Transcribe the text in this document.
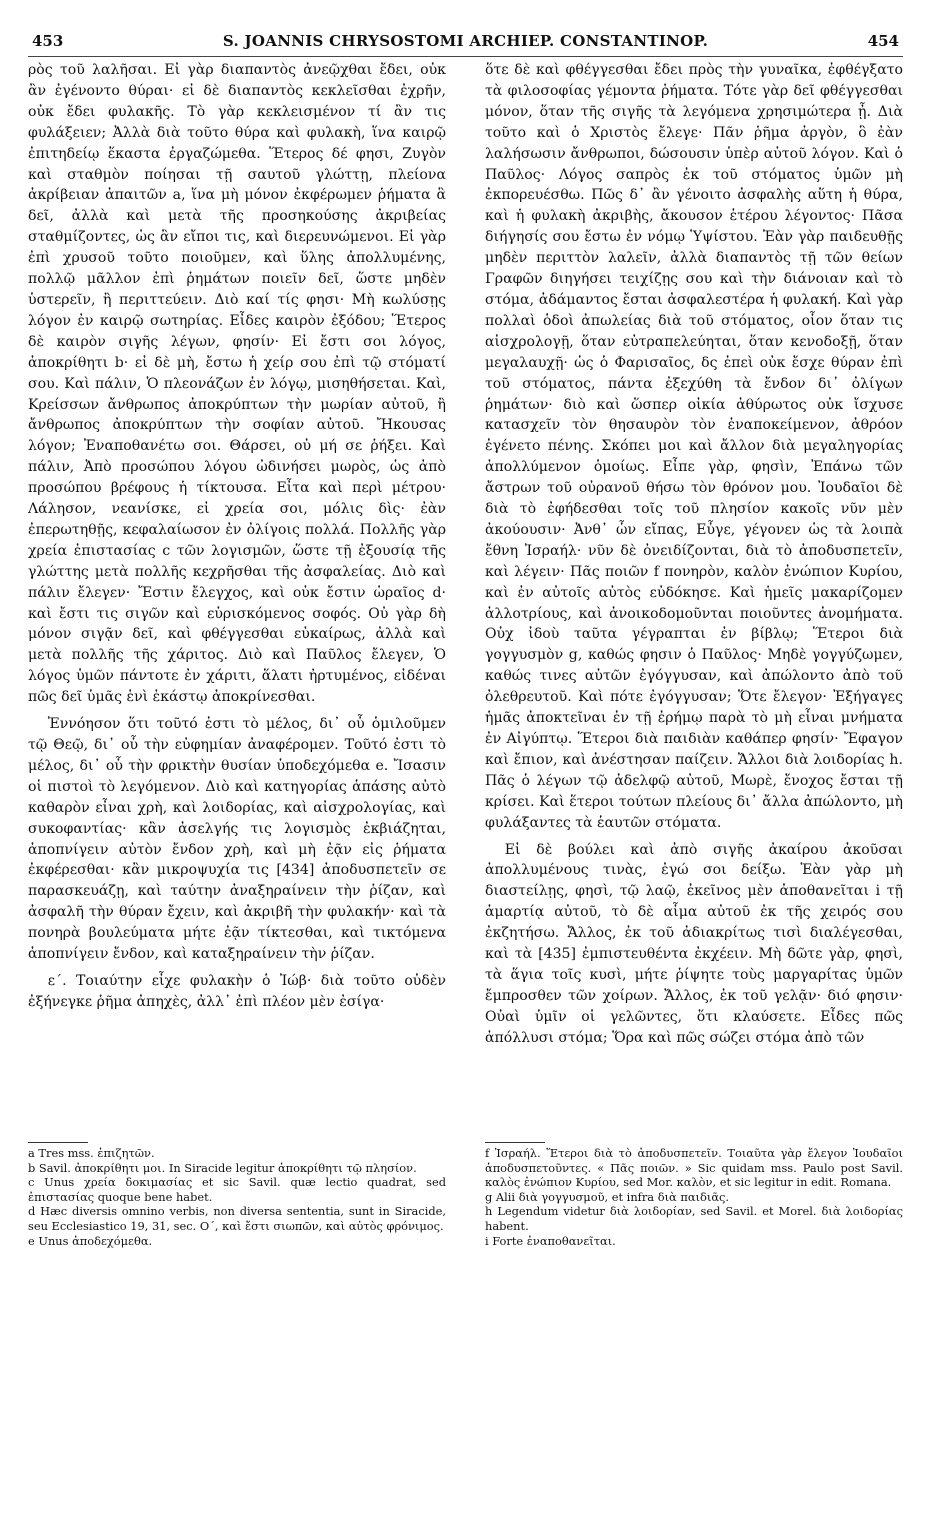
453	S. JOANNIS CHRYSOSTOMI ARCHIEP. CONSTANTINOP.	454

ρὸς τοῦ λαλῆσαι. Εἰ γὰρ διαπαντὸς ἀνεῷχθαι ἔδει, οὐκ ἂν ἐγένοντο θύραι· εἰ δὲ διαπαντὸς κεκλεῖσθαι ἐχρῆν, οὐκ ἔδει φυλακῆς. Τὸ γὰρ κεκλεισμένον τί ἂν τις φυλάξειεν; Ἀλλὰ διὰ τοῦτο θύρα καὶ φυλακὴ, ἵνα καιρῷ ἐπιτηδείῳ ἕκαστα ἐργαζώμεθα. Ἕτερος δέ φησι, Ζυγὸν καὶ σταθμὸν ποίησαι τῇ σαυτοῦ γλώττῃ, πλείονα ἀκρίβειαν ἀπαιτῶν a, ἵνα μὴ μόνον ἐκφέρωμεν ῥήματα ἃ δεῖ, ἀλλὰ καὶ μετὰ τῆς προσηκούσης ἀκριβείας σταθμίζοντες, ὡς ἂν εἴποι τις, καὶ διερευνώμενοι. Εἰ γὰρ ἐπὶ χρυσοῦ τοῦτο ποιοῦμεν, καὶ ὕλης ἀπολλυμένης, πολλῷ μᾶλλον ἐπὶ ῥημάτων ποιεῖν δεῖ, ὥστε μηδὲν ὑστερεῖν, ἢ περιττεύειν. Διὸ καί τίς φησι· Μὴ κωλύσῃς λόγον ἐν καιρῷ σωτηρίας. Εἶδες καιρὸν ἐξόδου; Ἕτερος δὲ καιρὸν σιγῆς λέγων, φησίν· Εἰ ἔστι σοι λόγος, ἀποκρίθητι b· εἰ δὲ μὴ, ἔστω ἡ χείρ σου ἐπὶ τῷ στόματί σου. Καὶ πάλιν, Ὁ πλεονάζων ἐν λόγῳ, μισηθήσεται. Καὶ, Κρείσσων ἄνθρωπος ἀποκρύπτων τὴν μωρίαν αὐτοῦ, ἢ ἄνθρωπος ἀποκρύπτων τὴν σοφίαν αὐτοῦ. Ἤκουσας λόγον; Ἐναποθανέτω σοι. Θάρσει, οὐ μή σε ῥήξει. Καὶ πάλιν, Ἀπὸ προσώπου λόγου ὠδινήσει μωρὸς, ὡς ἀπὸ προσώπου βρέφους ἡ τίκτουσα. Εἶτα καὶ περὶ μέτρου· Λάλησον, νεανίσκε, εἰ χρεία σοι, μόλις δὶς· ἐὰν ἐπερωτηθῇς, κεφαλαίωσον ἐν ὀλίγοις πολλά. Πολλῆς γὰρ χρεία ἐπιστασίας c τῶν λογισμῶν, ὥστε τῇ ἐξουσίᾳ τῆς γλώττης μετὰ πολλῆς κεχρῆσθαι τῆς ἀσφαλείας. Διὸ καὶ πάλιν ἔλεγεν· Ἔστιν ἔλεγχος, καὶ οὐκ ἔστιν ὡραῖος d· καὶ ἔστι τις σιγῶν καὶ εὑρισκόμενος σοφός. Οὐ γὰρ δὴ μόνον σιγᾷν δεῖ, καὶ φθέγγεσθαι εὐκαίρως, ἀλλὰ καὶ μετὰ πολλῆς τῆς χάριτος. Διὸ καὶ Παῦλος ἔλεγεν, Ὁ λόγος ὑμῶν πάντοτε ἐν χάριτι, ἅλατι ἠρτυμένος, εἰδέναι πῶς δεῖ ὑμᾶς ἑνὶ ἑκάστῳ ἀποκρίνεσθαι.

Ἐννόησον ὅτι τοῦτό ἐστι τὸ μέλος, δι᾽ οὗ ὁμιλοῦμεν τῷ Θεῷ, δι᾽ οὗ τὴν εὐφημίαν ἀναφέρομεν. Τοῦτό ἐστι τὸ μέλος, δι᾽ οὗ τὴν φρικτὴν θυσίαν ὑποδεχόμεθα e. Ἴσασιν οἱ πιστοὶ τὸ λεγόμενον. Διὸ καὶ κατηγορίας ἁπάσης αὐτὸ καθαρὸν εἶναι χρὴ, καὶ λοιδορίας, καὶ αἰσχρολογίας, καὶ συκοφαντίας· κἂν ἀσελγής τις λογισμὸς ἐκβιάζηται, ἀποπνίγειν αὐτὸν ἔνδον χρὴ, καὶ μὴ ἐᾷν εἰς ῥήματα ἐκφέρεσθαι· κἂν μικροψυχία τις [434] ἀποδυσπετεῖν σε παρασκευάζῃ, καὶ ταύτην ἀναξηραίνειν τὴν ῥίζαν, καὶ ἀσφαλῆ τὴν θύραν ἔχειν, καὶ ἀκριβῆ τὴν φυλακήν· καὶ τὰ πονηρὰ βουλεύματα μήτε ἐᾷν τίκτεσθαι, καὶ τικτόμενα ἀποπνίγειν ἔνδον, καὶ καταξηραίνειν τὴν ῥίζαν.

ε΄. Τοιαύτην εἶχε φυλακὴν ὁ Ἰώβ· διὰ τοῦτο οὐδὲν ἐξήνεγκε ῥῆμα ἀπηχὲς, ἀλλ᾽ ἐπὶ πλέον μὲν ἐσίγα·

ὅτε δὲ καὶ φθέγγεσθαι ἔδει πρὸς τὴν γυναῖκα, ἐφθέγξατο τὰ φιλοσοφίας γέμοντα ῥήματα. Τότε γὰρ δεῖ φθέγγεσθαι μόνον, ὅταν τῆς σιγῆς τὰ λεγόμενα χρησιμώτερα ᾖ. Διὰ τοῦτο καὶ ὁ Χριστὸς ἔλεγε· Πᾶν ῥῆμα ἀργὸν, ὃ ἐὰν λαλήσωσιν ἄνθρωποι, δώσουσιν ὑπὲρ αὐτοῦ λόγον. Καὶ ὁ Παῦλος· Λόγος σαπρὸς ἐκ τοῦ στόματος ὑμῶν μὴ ἐκπορευέσθω. Πῶς δ᾽ ἂν γένοιτο ἀσφαλὴς αὕτη ἡ θύρα, καὶ ἡ φυλακὴ ἀκριβὴς, ἄκουσον ἑτέρου λέγοντος· Πᾶσα διήγησίς σου ἔστω ἐν νόμῳ Ὑψίστου. Ἐὰν γὰρ παιδευθῇς μηδὲν περιττὸν λαλεῖν, ἀλλὰ διαπαντὸς τῇ τῶν θείων Γραφῶν διηγήσει τειχίζῃς σου καὶ τὴν διάνοιαν καὶ τὸ στόμα, ἀδάμαντος ἔσται ἀσφαλεστέρα ἡ φυλακή. Καὶ γὰρ πολλαὶ ὁδοὶ ἀπωλείας διὰ τοῦ στόματος, οἷον ὅταν τις αἰσχρολογῇ, ὅταν εὐτραπελεύηται, ὅταν κενοδοξῇ, ὅταν μεγαλαυχῇ· ὡς ὁ Φαρισαῖος, δς ἐπεὶ οὐκ ἔσχε θύραν ἐπὶ τοῦ στόματος, πάντα ἐξεχύθη τὰ ἔνδον δι᾽ ὀλίγων ῥημάτων· διὸ καὶ ὥσπερ οἰκία ἀθύρωτος οὐκ ἴσχυσε κατασχεῖν τὸν θησαυρὸν τὸν ἐναποκείμενον, ἀθρόον ἐγένετο πένης. Σκόπει μοι καὶ ἄλλον διὰ μεγαληγορίας ἀπολλύμενον ὁμοίως. Εἶπε γὰρ, φησὶν, Ἐπάνω τῶν ἄστρων τοῦ οὐρανοῦ θήσω τὸν θρόνον μου. Ἰουδαῖοι δὲ διὰ τὸ ἐφήδεσθαι τοῖς τοῦ πλησίον κακοῖς νῦν μὲν ἀκούουσιν· Ἀνθ᾽ ὧν εἴπας, Εὖγε, γέγονεν ὡς τὰ λοιπὰ ἔθνη Ἰσραήλ· νῦν δὲ ὀνειδίζονται, διὰ τὸ ἀποδυσπετεῖν, καὶ λέγειν· Πᾶς ποιῶν f πονηρὸν, καλὸν ἐνώπιον Κυρίου, καὶ ἐν αὐτοῖς αὐτὸς εὐδόκησε. Καὶ ἡμεῖς μακαρίζομεν ἀλλοτρίους, καὶ ἀνοικοδομοῦνται ποιοῦντες ἀνομήματα. Οὐχ ἰδοὺ ταῦτα γέγραπται ἐν βίβλῳ; Ἕτεροι διὰ γογγυσμὸν g, καθώς φησιν ὁ Παῦλος· Μηδὲ γογγύζωμεν, καθώς τινες αὐτῶν ἐγόγγυσαν, καὶ ἀπώλοντο ἀπὸ τοῦ ὀλεθρευτοῦ. Καὶ πότε ἐγόγγυσαν; Ὅτε ἔλεγον· Ἐξήγαγες ἡμᾶς ἀποκτεῖναι ἐν τῇ ἐρήμῳ παρὰ τὸ μὴ εἶναι μνήματα ἐν Αἰγύπτῳ. Ἕτεροι διὰ παιδιὰν καθάπερ φησίν· Ἔφαγον καὶ ἔπιον, καὶ ἀνέστησαν παίζειν. Ἄλλοι διὰ λοιδορίας h. Πᾶς ὁ λέγων τῷ ἀδελφῷ αὐτοῦ, Μωρὲ, ἔνοχος ἔσται τῇ κρίσει. Καὶ ἕτεροι τούτων πλείους δι᾽ ἄλλα ἀπώλοντο, μὴ φυλάξαντες τὰ ἑαυτῶν στόματα.

Εἰ δὲ βούλει καὶ ἀπὸ σιγῆς ἀκαίρου ἀκοῦσαι ἀπολλυμένους τινὰς, ἐγώ σοι δείξω. Ἐὰν γὰρ μὴ διαστείλῃς, φησὶ, τῷ λαῷ, ἐκεῖνος μὲν ἀποθανεῖται i τῇ ἁμαρτίᾳ αὐτοῦ, τὸ δὲ αἷμα αὐτοῦ ἐκ τῆς χειρός σου ἐκζητήσω. Ἄλλος, ἐκ τοῦ ἀδιακρίτως τισὶ διαλέγεσθαι, καὶ τὰ [435] ἐμπιστευθέντα ἐκχέειν. Μὴ δῶτε γὰρ, φησὶ, τὰ ἅγια τοῖς κυσὶ, μήτε ῥίψητε τοὺς μαργαρίτας ὑμῶν ἔμπροσθεν τῶν χοίρων. Ἄλλος, ἐκ τοῦ γελᾷν· διό φησιν· Οὐαὶ ὑμῖν οἱ γελῶντες, ὅτι κλαύσετε. Εἶδες πῶς ἀπόλλυσι στόμα; Ὅρα καὶ πῶς σώζει στόμα ἀπὸ τῶν

a Tres mss. ἐπιζητῶν.

b Savil. ἀποκρίθητι μοι. In Siracide legitur ἀποκρίθητι τῷ πλησίον.

c Unus χρεία δοκιμασίας et sic Savil. quæ lectio quadrat, sed ἐπιστασίας quoque bene habet.

d Hæc diversis omnino verbis, non diversa sententia, sunt in Siracide, seu Ecclesiastico 19, 31, sec. Ο΄, καὶ ἔστι σιωπῶν, καὶ αὐτὸς φρόνιμος.

e Unus ἀποδεχόμεθα.

f Ἰσραήλ. Ἕτεροι διὰ τὸ ἀποδυσπετεῖν. Τοιαῦτα γὰρ ἔλεγον Ἰουδαῖοι ἀποδυσπετοῦντες. « Πᾶς ποιῶν. » Sic quidam mss. Paulo post Savil. καλὸς ἐνώπιον Κυρίου, sed Mor. καλὸν, et sic legitur in edit. Romana.

g Alii διὰ γογγυσμοῦ, et infra διὰ παιδιᾶς.

h Legendum videtur διὰ λοιδορίαν, sed Savil. et Morel. διὰ λοιδορίας habent.

i Forte ἐναποθανεῖται.
